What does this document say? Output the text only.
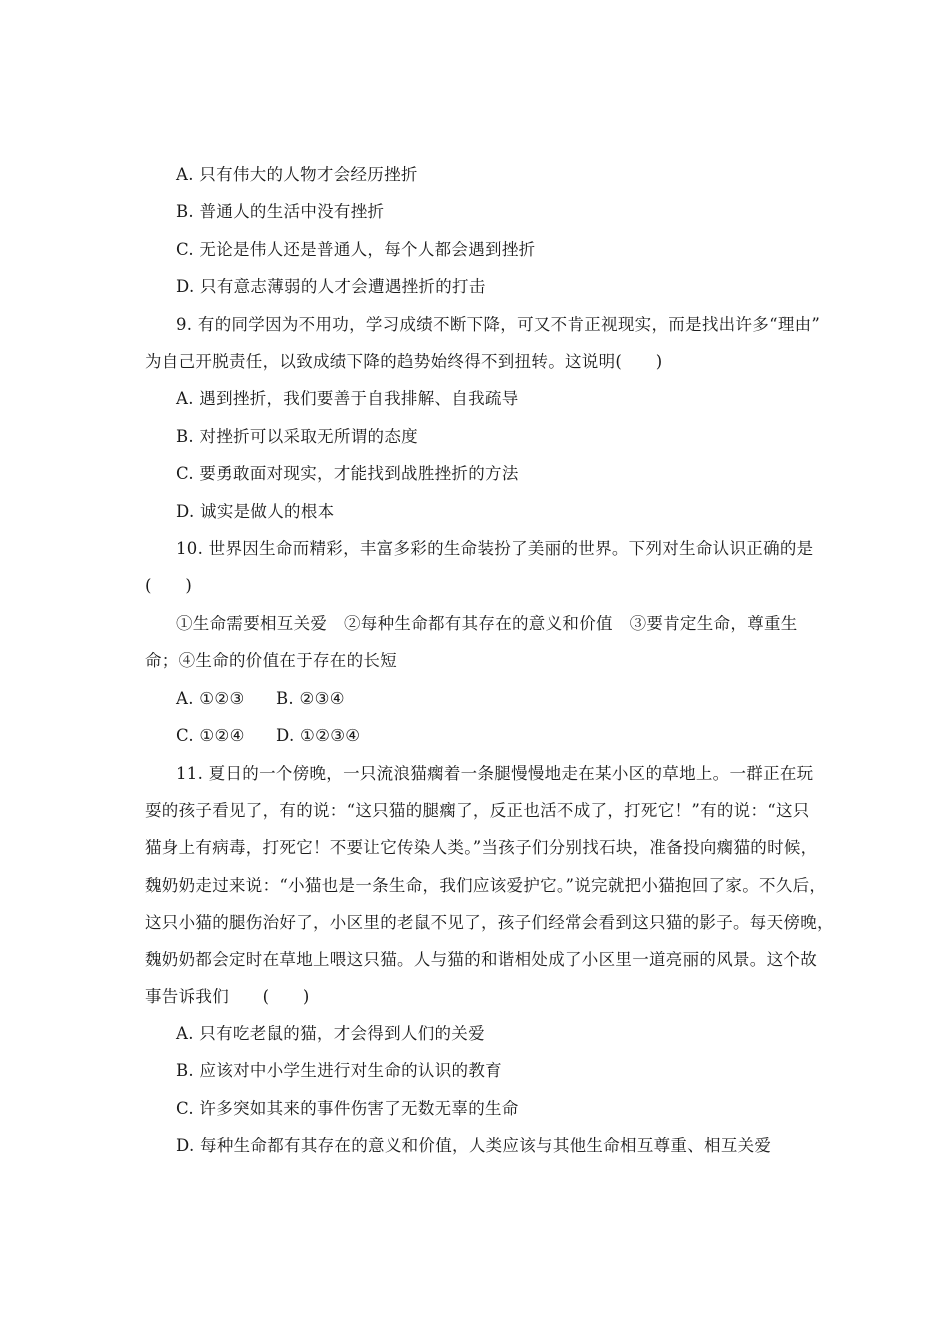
A. 只有伟大的人物才会经历挫折
B. 普通人的生活中没有挫折
C. 无论是伟人还是普通人，每个人都会遇到挫折
D. 只有意志薄弱的人才会遭遇挫折的打击
9. 有的同学因为不用功，学习成绩不断下降，可又不肯正视现实，而是找出许多“理由”
为自己开脱责任，以致成绩下降的趋势始终得不到扭转。这说明(　　)
A. 遇到挫折，我们要善于自我排解、自我疏导
B. 对挫折可以采取无所谓的态度
C. 要勇敢面对现实，才能找到战胜挫折的方法
D. 诚实是做人的根本
10. 世界因生命而精彩，丰富多彩的生命装扮了美丽的世界。下列对生命认识正确的是
(　　)
①生命需要相互关爱　②每种生命都有其存在的意义和价值　③要肯定生命，尊重生
命；④生命的价值在于存在的长短
A. ①②③ B. ②③④
C. ①②④ D. ①②③④
11. 夏日的一个傍晚，一只流浪猫瘸着一条腿慢慢地走在某小区的草地上。一群正在玩
耍的孩子看见了，有的说：“这只猫的腿瘸了，反正也活不成了，打死它！”有的说：“这只
猫身上有病毒，打死它！不要让它传染人类。”当孩子们分别找石块，准备投向瘸猫的时候，
魏奶奶走过来说：“小猫也是一条生命，我们应该爱护它。”说完就把小猫抱回了家。不久后，
这只小猫的腿伤治好了，小区里的老鼠不见了，孩子们经常会看到这只猫的影子。每天傍晚，
魏奶奶都会定时在草地上喂这只猫。人与猫的和谐相处成了小区里一道亮丽的风景。这个故
事告诉我们　　(　　)
A. 只有吃老鼠的猫，才会得到人们的关爱
B. 应该对中小学生进行对生命的认识的教育
C. 许多突如其来的事件伤害了无数无辜的生命
D. 每种生命都有其存在的意义和价值，人类应该与其他生命相互尊重、相互关爱
